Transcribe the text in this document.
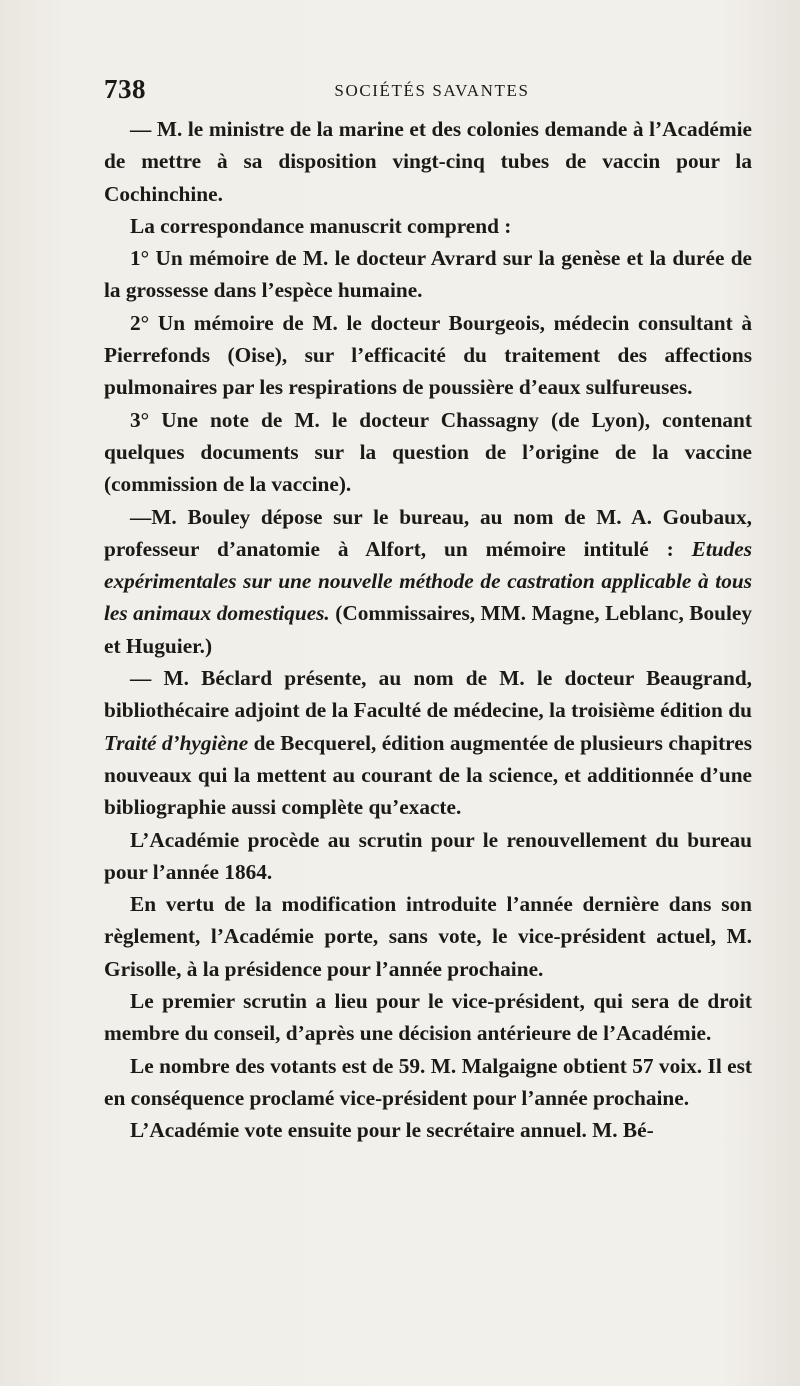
738	SOCIÉTÉS SAVANTES

— M. le ministre de la marine et des colonies demande à l’Académie de mettre à sa disposition vingt-cinq tubes de vaccin pour la Cochinchine.

La correspondance manuscrit comprend :

1° Un mémoire de M. le docteur Avrard sur la genèse et la durée de la grossesse dans l’espèce humaine.

2° Un mémoire de M. le docteur Bourgeois, médecin consultant à Pierrefonds (Oise), sur l’efficacité du traitement des affections pulmonaires par les respirations de poussière d’eaux sulfureuses.

3° Une note de M. le docteur Chassagny (de Lyon), contenant quelques documents sur la question de l’origine de la vaccine (commission de la vaccine).

—M. Bouley dépose sur le bureau, au nom de M. A. Goubaux, professeur d’anatomie à Alfort, un mémoire intitulé : Etudes expérimentales sur une nouvelle méthode de castration applicable à tous les animaux domestiques. (Commissaires, MM. Magne, Leblanc, Bouley et Huguier.)

— M. Béclard présente, au nom de M. le docteur Beaugrand, bibliothécaire adjoint de la Faculté de médecine, la troisième édition du Traité d’hygiène de Becquerel, édition augmentée de plusieurs chapitres nouveaux qui la mettent au courant de la science, et additionnée d’une bibliographie aussi complète qu’exacte.

L’Académie procède au scrutin pour le renouvellement du bureau pour l’année 1864.

En vertu de la modification introduite l’année dernière dans son règlement, l’Académie porte, sans vote, le vice-président actuel, M. Grisolle, à la présidence pour l’année prochaine.

Le premier scrutin a lieu pour le vice-président, qui sera de droit membre du conseil, d’après une décision antérieure de l’Académie.

Le nombre des votants est de 59. M. Malgaigne obtient 57 voix. Il est en conséquence proclamé vice-président pour l’année prochaine.

L’Académie vote ensuite pour le secrétaire annuel. M. Bé-
